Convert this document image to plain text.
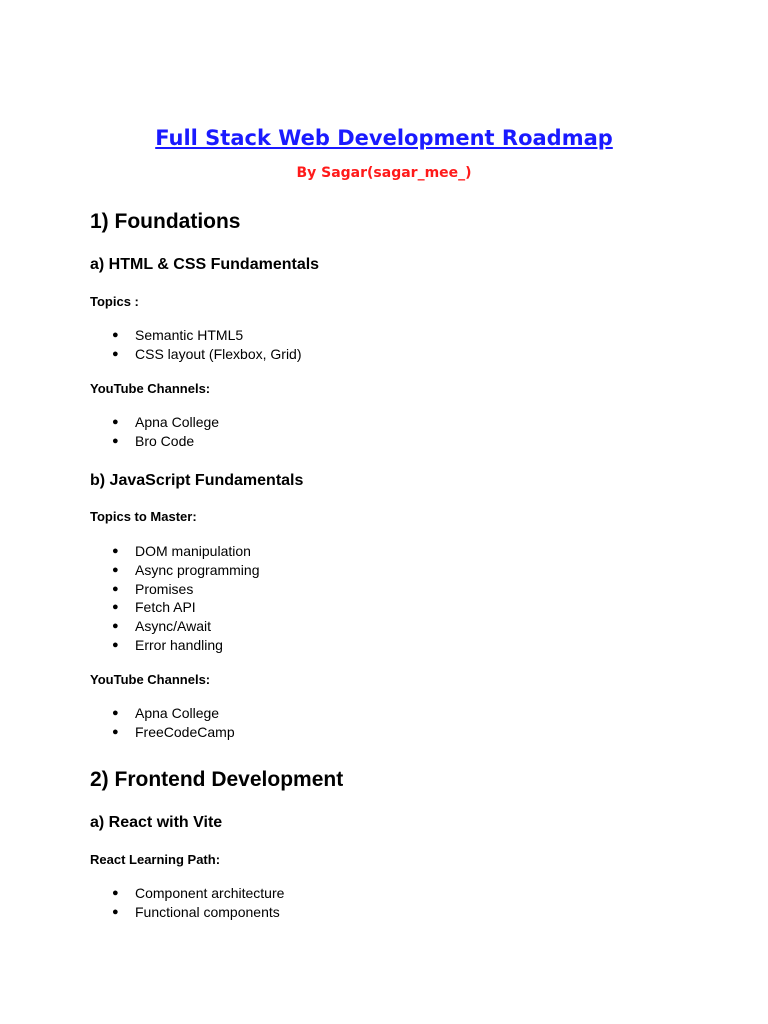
Full Stack Web Development Roadmap
By Sagar(sagar_mee_)
1) Foundations
a) HTML & CSS Fundamentals
Topics :
● Semantic HTML5
● CSS layout (Flexbox, Grid)
YouTube Channels:
● Apna College
● Bro Code
b) JavaScript Fundamentals
Topics to Master:
● DOM manipulation
● Async programming
● Promises
● Fetch API
● Async/Await
● Error handling
YouTube Channels:
● Apna College
● FreeCodeCamp
2) Frontend Development
a) React with Vite
React Learning Path:
● Component architecture
● Functional components
